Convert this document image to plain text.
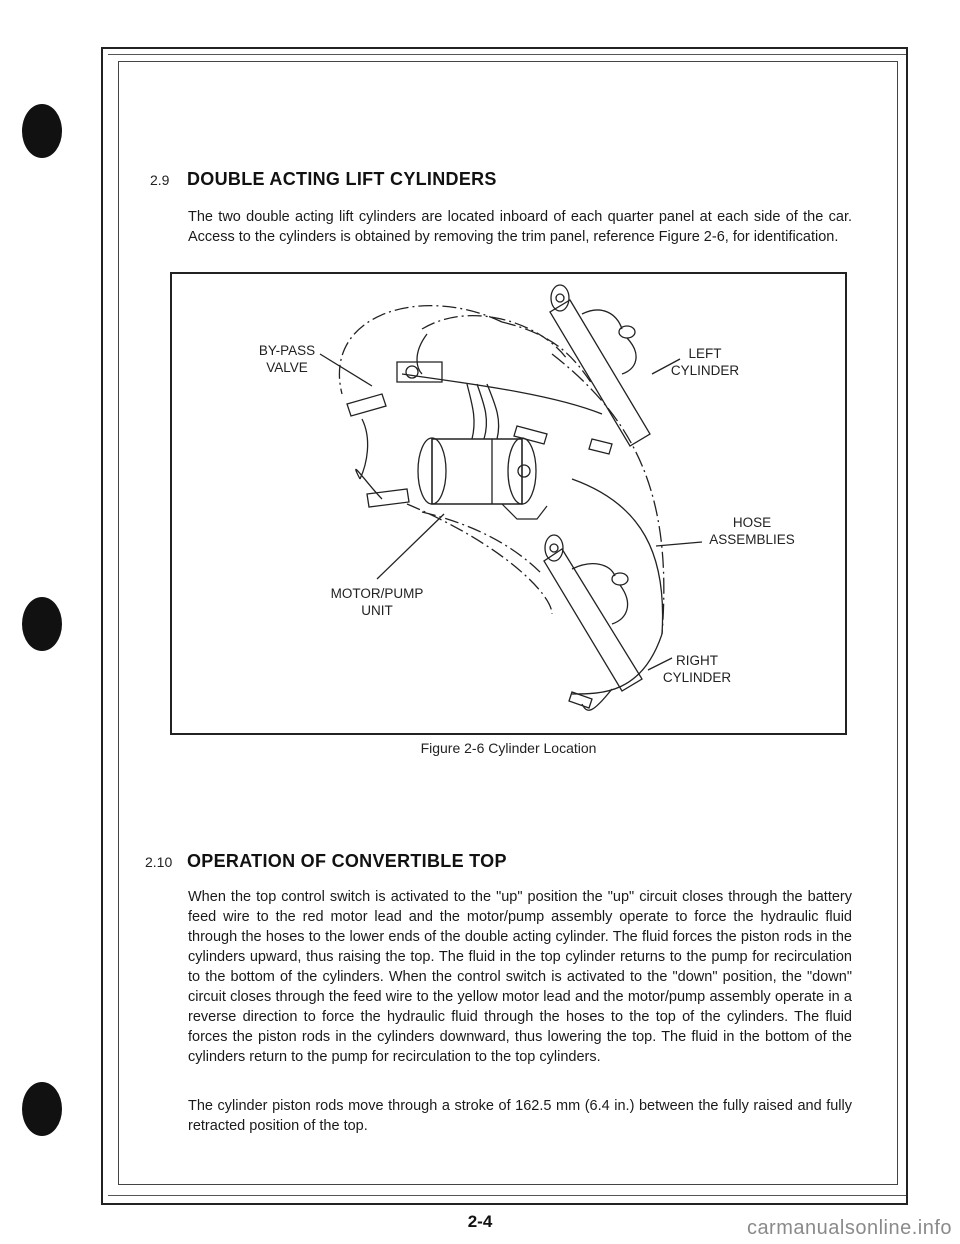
2.9 DOUBLE ACTING LIFT CYLINDERS
The two double acting lift cylinders are located inboard of each quarter panel at each side of the car. Access to the cylinders is obtained by removing the trim panel, reference Figure 2-6, for identification.
BY-PASS
VALVE
LEFT
CYLINDER
HOSE
ASSEMBLIES
MOTOR/PUMP
UNIT
RIGHT
CYLINDER
Figure 2-6 Cylinder Location
2.10 OPERATION OF CONVERTIBLE TOP
When the top control switch is activated to the "up" position the "up" circuit closes through the battery feed wire to the red motor lead and the motor/pump assembly operate to force the hydraulic fluid through the hoses to the lower ends of the double acting cylinder. The fluid forces the piston rods in the cylinders upward, thus raising the top. The fluid in the top cylinder returns to the pump for recirculation to the bottom of the cylinders. When the control switch is activated to the "down" position, the "down" circuit closes through the feed wire to the yellow motor lead and the motor/pump assembly operate in a reverse direction to force the hydraulic fluid through the hoses to the top of the cylinders. The fluid forces the piston rods in the cylinders downward, thus lowering the top. The fluid in the bottom of the cylinders return to the pump for recirculation to the top cylinders.
The cylinder piston rods move through a stroke of 162.5 mm (6.4 in.) between the fully raised and fully retracted position of the top.
2-4	carmanualsonline.info
